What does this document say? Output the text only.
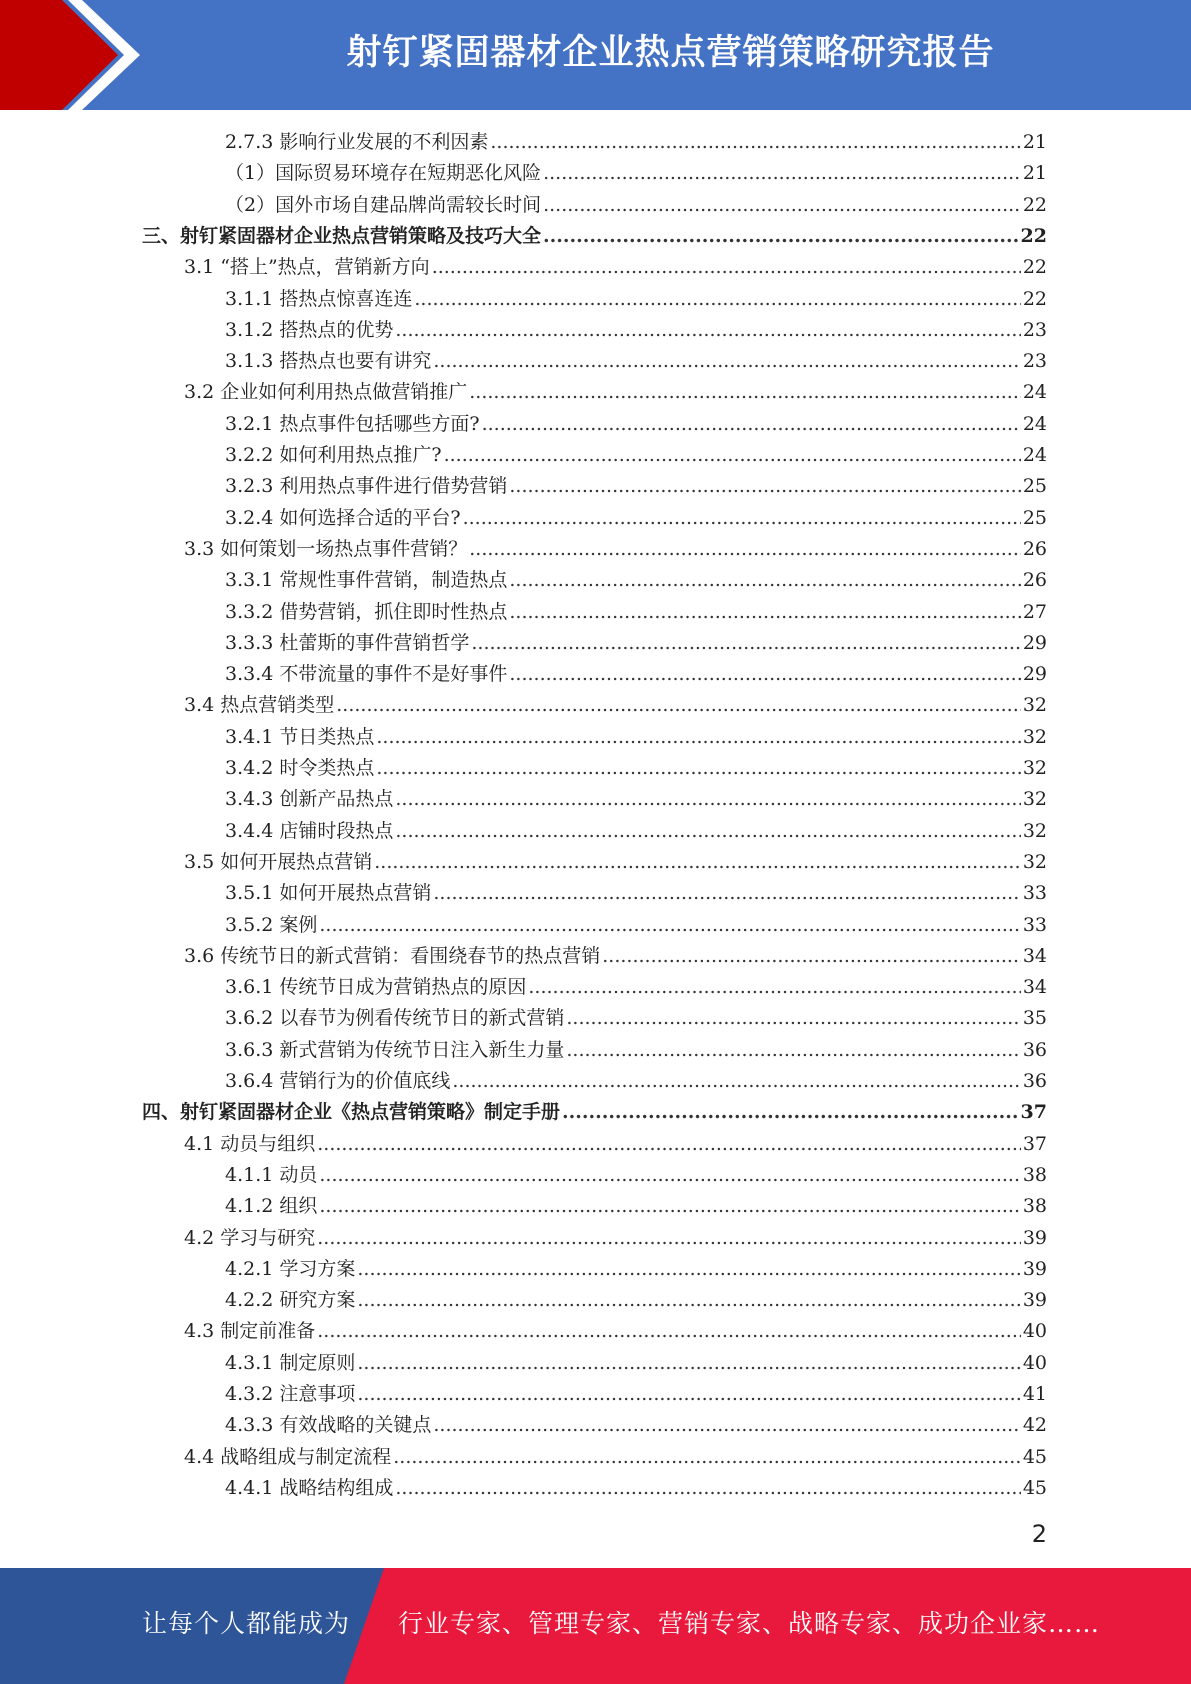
射钉紧固器材企业热点营销策略研究报告
2.7.3 影响行业发展的不利因素 .....	21
（1）国际贸易环境存在短期恶化风险 .....	21
（2）国外市场自建品牌尚需较长时间 .....	22
三、射钉紧固器材企业热点营销策略及技巧大全 .....	22
3.1 “搭上”热点，营销新方向 .....	22
3.1.1 搭热点惊喜连连 .....	22
3.1.2 搭热点的优势 .....	23
3.1.3 搭热点也要有讲究 .....	23
3.2 企业如何利用热点做营销推广 .....	24
3.2.1 热点事件包括哪些方面? .....	24
3.2.2 如何利用热点推广? .....	24
3.2.3 利用热点事件进行借势营销 .....	25
3.2.4 如何选择合适的平台? .....	25
3.3 如何策划一场热点事件营销？ .....	26
3.3.1 常规性事件营销，制造热点 .....	26
3.3.2 借势营销，抓住即时性热点 .....	27
3.3.3 杜蕾斯的事件营销哲学 .....	29
3.3.4 不带流量的事件不是好事件 .....	29
3.4 热点营销类型 .....	32
3.4.1 节日类热点 .....	32
3.4.2 时令类热点 .....	32
3.4.3 创新产品热点 .....	32
3.4.4 店铺时段热点 .....	32
3.5 如何开展热点营销 .....	32
3.5.1 如何开展热点营销 .....	33
3.5.2 案例 .....	33
3.6 传统节日的新式营销：看围绕春节的热点营销 .....	34
3.6.1 传统节日成为营销热点的原因 .....	34
3.6.2 以春节为例看传统节日的新式营销 .....	35
3.6.3 新式营销为传统节日注入新生力量 .....	36
3.6.4 营销行为的价值底线 .....	36
四、射钉紧固器材企业《热点营销策略》制定手册 .....	37
4.1 动员与组织 .....	37
4.1.1 动员 .....	38
4.1.2 组织 .....	38
4.2 学习与研究 .....	39
4.2.1 学习方案 .....	39
4.2.2 研究方案 .....	39
4.3 制定前准备 .....	40
4.3.1 制定原则 .....	40
4.3.2 注意事项 .....	41
4.3.3 有效战略的关键点 .....	42
4.4 战略组成与制定流程 .....	45
4.4.1 战略结构组成 .....	45
2
让每个人都能成为 行业专家、管理专家、营销专家、战略专家、成功企业家……
